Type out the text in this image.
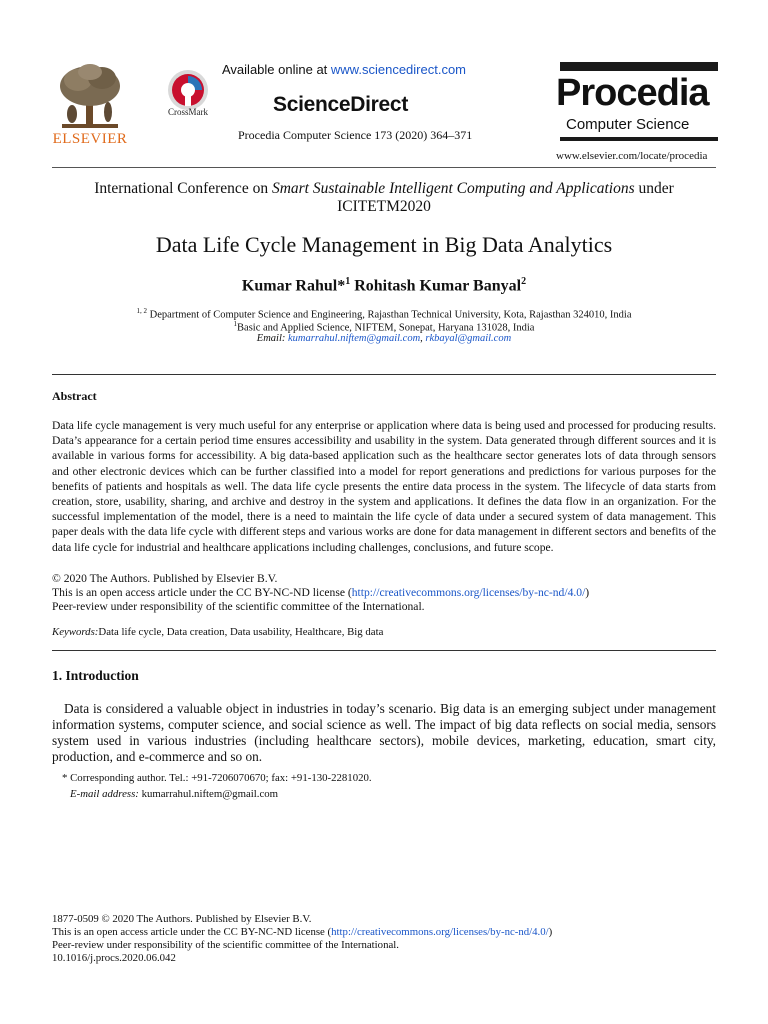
ELSEVIER
CrossMark
Available online at www.sciencedirect.com
ScienceDirect
Procedia Computer Science 173 (2020) 364–371
Procedia
Computer Science
www.elsevier.com/locate/procedia
International Conference on Smart Sustainable Intelligent Computing and Applications under
ICITETM2020
Data Life Cycle Management in Big Data Analytics
Kumar Rahul*$^1$ Rohitash Kumar Banyal$^2$
$^{1, 2}$ Department of Computer Science and Engineering, Rajasthan Technical University, Kota, Rajasthan 324010, India
$^1$Basic and Applied Science, NIFTEM, Sonepat, Haryana 131028, India
Email: kumarrahul.niftem@gmail.com, rkbayal@gmail.com
Abstract
Data life cycle management is very much useful for any enterprise or application where data is being used and processed for producing results. Data’s appearance for a certain period time ensures accessibility and usability in the system. Data generated through different sources and it is available in various forms for accessibility. A big data-based application such as the healthcare sector generates lots of data through sensors and other electronic devices which can be further classified into a model for report generations and predictions for various purposes for the benefits of patients and hospitals as well. The data life cycle presents the entire data process in the system. The lifecycle of data starts from creation, store, usability, sharing, and archive and destroy in the system and applications. It defines the data flow in an organization. For the successful implementation of the model, there is a need to maintain the life cycle of data under a secured system of data management. This paper deals with the data life cycle with different steps and various works are done for data management in different sectors and benefits of the data life cycle for industrial and healthcare applications including challenges, conclusions, and future scope.
© 2020 The Authors. Published by Elsevier B.V.
This is an open access article under the CC BY-NC-ND license (http://creativecommons.org/licenses/by-nc-nd/4.0/)
Peer-review under responsibility of the scientific committee of the International.
Keywords:Data life cycle, Data creation, Data usability, Healthcare, Big data
1. Introduction
Data is considered a valuable object in industries in today’s scenario. Big data is an emerging subject under management information systems, computer science, and social science as well. The impact of big data reflects on social media, sensors system used in various industries (including healthcare sectors), mobile devices, marketing, education, smart city, production, and e-commerce and so on.
* Corresponding author. Tel.: +91-7206070670; fax: +91-130-2281020.
E-mail address: kumarrahul.niftem@gmail.com
1877-0509 © 2020 The Authors. Published by Elsevier B.V.
This is an open access article under the CC BY-NC-ND license (http://creativecommons.org/licenses/by-nc-nd/4.0/)
Peer-review under responsibility of the scientific committee of the International.
10.1016/j.procs.2020.06.042
